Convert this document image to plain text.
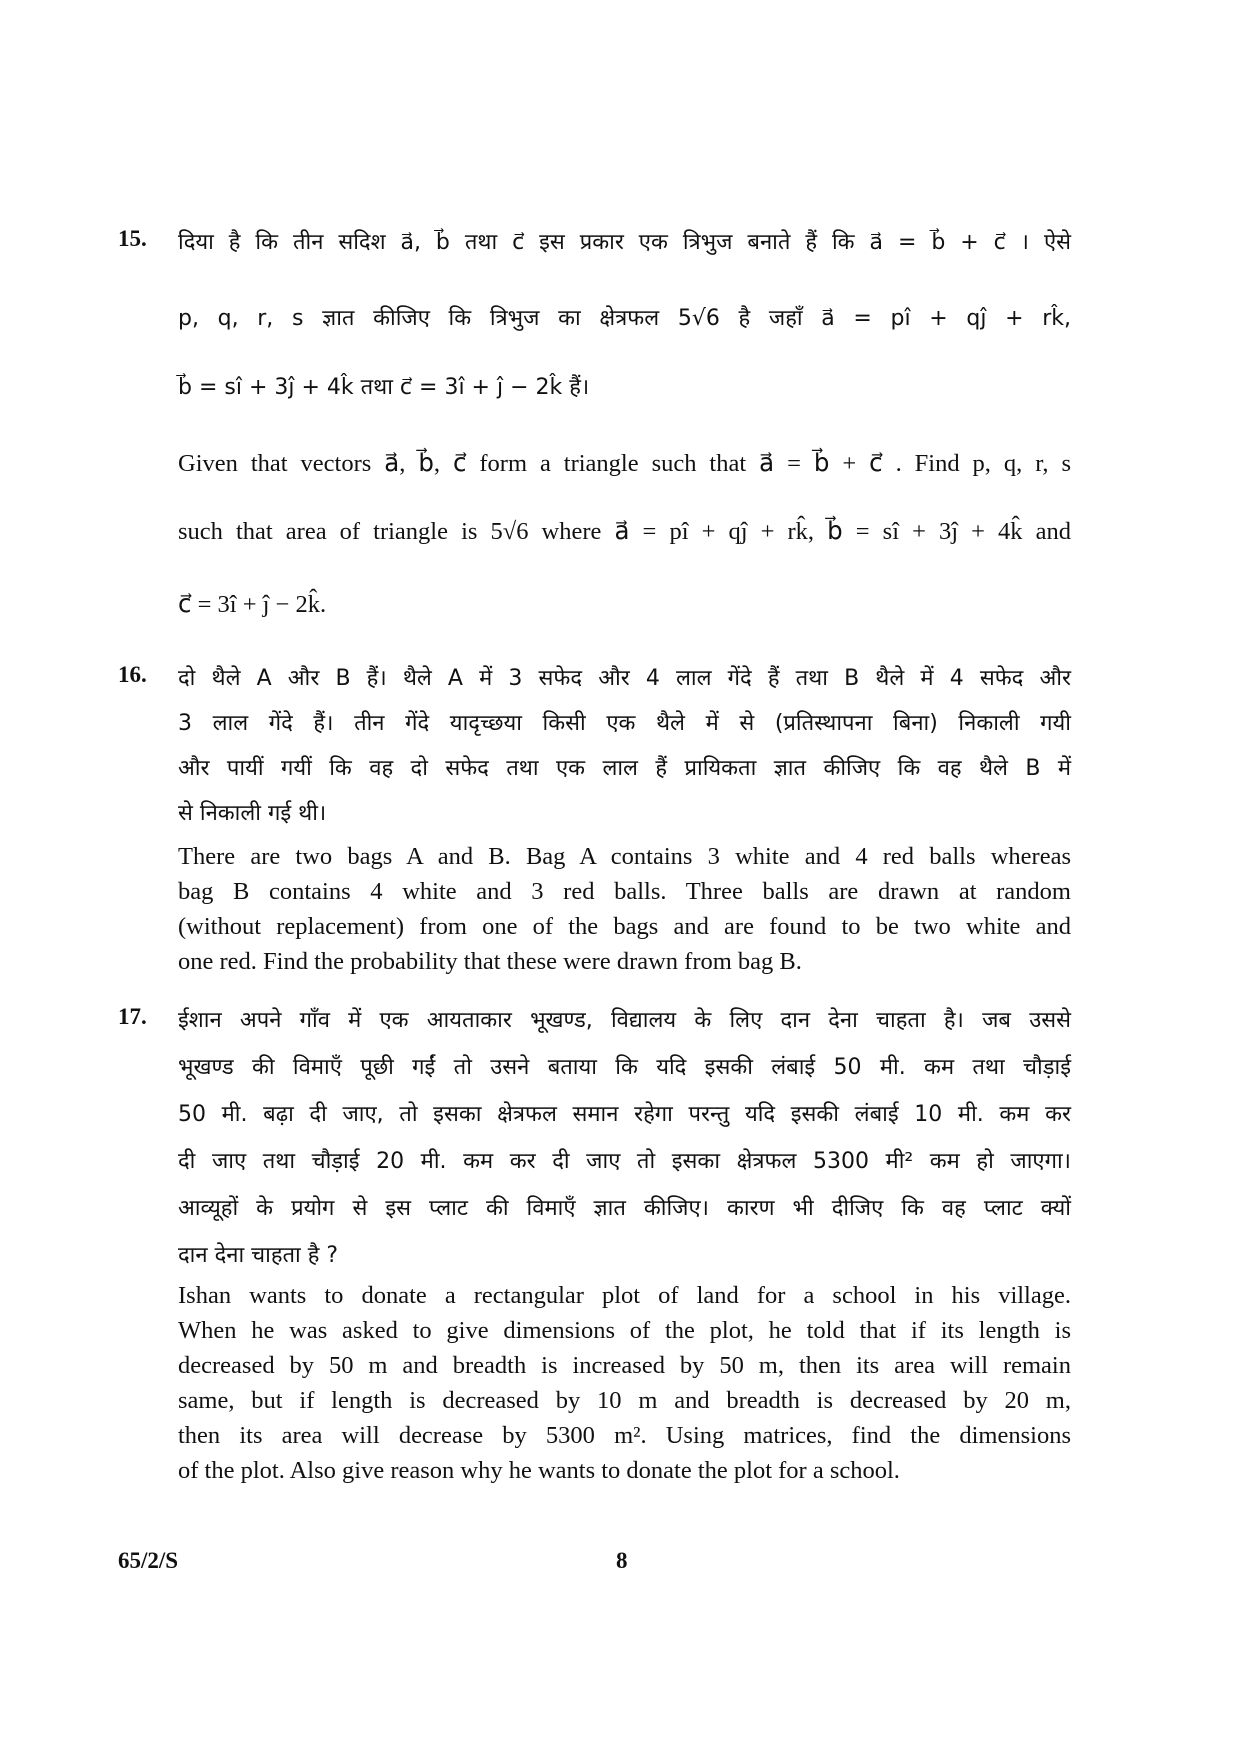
15. दिया है कि तीन सदिश a⃗, b⃗ तथा c⃗ इस प्रकार एक त्रिभुज बनाते हैं कि a⃗ = b⃗ + c⃗ । ऐसे
p, q, r, s ज्ञात कीजिए कि त्रिभुज का क्षेत्रफल 5√6 है जहाँ a⃗ = pî + qĵ + rk̂,
b⃗ = sî + 3ĵ + 4k̂ तथा c⃗ = 3î + ĵ − 2k̂ हैं।
Given that vectors a⃗, b⃗, c⃗ form a triangle such that a⃗ = b⃗ + c⃗ . Find p, q, r, s
such that area of triangle is 5√6 where a⃗ = pî + qĵ + rk̂, b⃗ = sî + 3ĵ + 4k̂ and
c⃗ = 3î + ĵ − 2k̂.
16. दो थैले A और B हैं। थैले A में 3 सफेद और 4 लाल गेंदे हैं तथा B थैले में 4 सफेद और
3 लाल गेंदे हैं। तीन गेंदे यादृच्छया किसी एक थैले में से (प्रतिस्थापना बिना) निकाली गयी
और पायीं गयीं कि वह दो सफेद तथा एक लाल हैं प्रायिकता ज्ञात कीजिए कि वह थैले B में
से निकाली गई थी।
There are two bags A and B. Bag A contains 3 white and 4 red balls whereas
bag B contains 4 white and 3 red balls. Three balls are drawn at random
(without replacement) from one of the bags and are found to be two white and
one red. Find the probability that these were drawn from bag B.
17. ईशान अपने गाँव में एक आयताकार भूखण्ड, विद्यालय के लिए दान देना चाहता है। जब उससे
भूखण्ड की विमाएँ पूछी गईं तो उसने बताया कि यदि इसकी लंबाई 50 मी. कम तथा चौड़ाई
50 मी. बढ़ा दी जाए, तो इसका क्षेत्रफल समान रहेगा परन्तु यदि इसकी लंबाई 10 मी. कम कर
दी जाए तथा चौड़ाई 20 मी. कम कर दी जाए तो इसका क्षेत्रफल 5300 मी² कम हो जाएगा।
आव्यूहों के प्रयोग से इस प्लाट की विमाएँ ज्ञात कीजिए। कारण भी दीजिए कि वह प्लाट क्यों
दान देना चाहता है ?
Ishan wants to donate a rectangular plot of land for a school in his village.
When he was asked to give dimensions of the plot, he told that if its length is
decreased by 50 m and breadth is increased by 50 m, then its area will remain
same, but if length is decreased by 10 m and breadth is decreased by 20 m,
then its area will decrease by 5300 m². Using matrices, find the dimensions
of the plot. Also give reason why he wants to donate the plot for a school.
65/2/S	8
